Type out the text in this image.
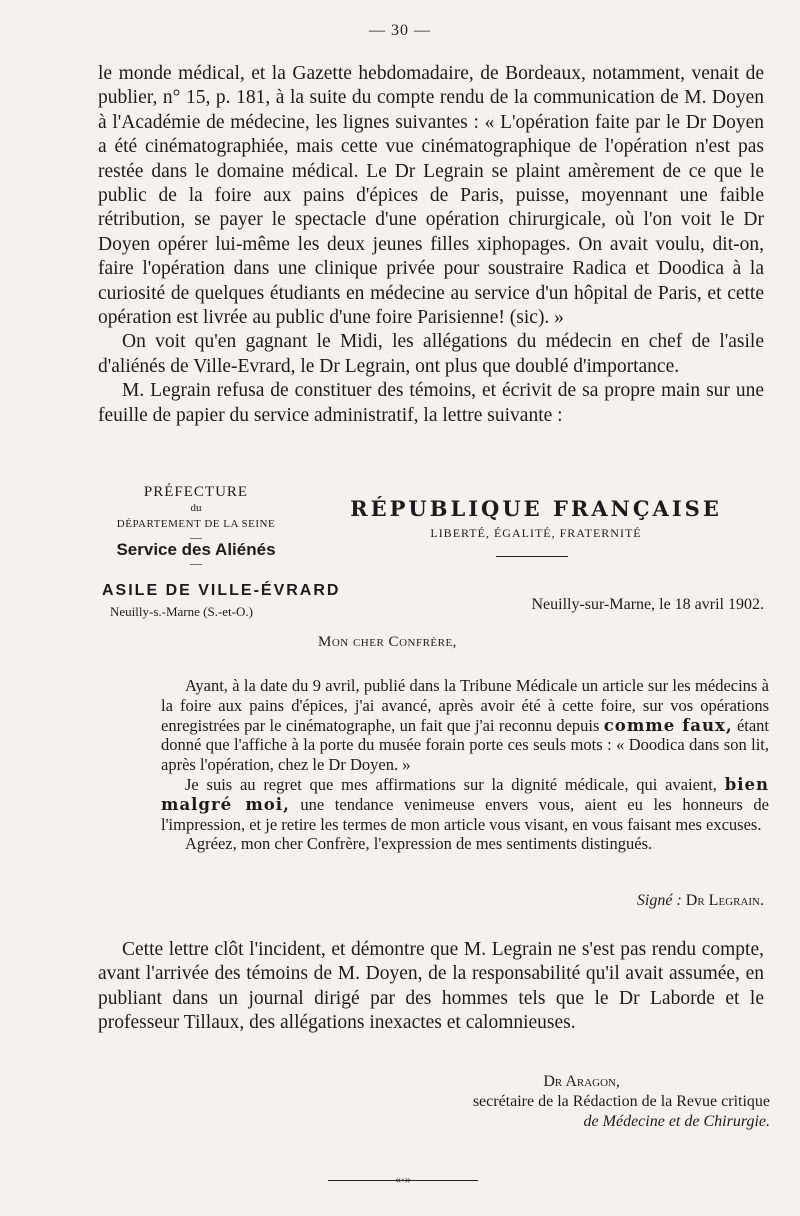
— 30 —

le monde médical, et la Gazette hebdomadaire, de Bordeaux, notamment, venait de publier, n° 15, p. 181, à la suite du compte rendu de la communication de M. Doyen à l'Académie de médecine, les lignes suivantes : « L'opération faite par le Dr Doyen a été cinématographiée, mais cette vue cinématographique de l'opération n'est pas restée dans le domaine médical. Le Dr Legrain se plaint amèrement de ce que le public de la foire aux pains d'épices de Paris, puisse, moyennant une faible rétribution, se payer le spectacle d'une opération chirurgicale, où l'on voit le Dr Doyen opérer lui-même les deux jeunes filles xiphopages. On avait voulu, dit-on, faire l'opération dans une clinique privée pour soustraire Radica et Doodica à la curiosité de quelques étudiants en médecine au service d'un hôpital de Paris, et cette opération est livrée au public d'une foire Parisienne! (sic). »

On voit qu'en gagnant le Midi, les allégations du médecin en chef de l'asile d'aliénés de Ville-Evrard, le Dr Legrain, ont plus que doublé d'importance.

M. Legrain refusa de constituer des témoins, et écrivit de sa propre main sur une feuille de papier du service administratif, la lettre suivante :

PRÉFECTURE
du
DÉPARTEMENT DE LA SEINE
—
Service des Aliénés
—
ASILE DE VILLE-ÉVRARD
Neuilly-s.-Marne (S.-et-O.)
RÉPUBLIQUE FRANÇAISE
LIBERTÉ, ÉGALITÉ, FRATERNITÉ
Neuilly-sur-Marne, le 18 avril 1902.
Mon cher Confrère,

Ayant, à la date du 9 avril, publié dans la Tribune Médicale un article sur les médecins à la foire aux pains d'épices, j'ai avancé, après avoir été à cette foire, sur vos opérations enregistrées par le cinématographe, un fait que j'ai reconnu depuis comme faux, étant donné que l'affiche à la porte du musée forain porte ces seuls mots : « Doodica dans son lit, après l'opération, chez le Dr Doyen. »

Je suis au regret que mes affirmations sur la dignité médicale, qui avaient, bien malgré moi, une tendance venimeuse envers vous, aient eu les honneurs de l'impression, et je retire les termes de mon article vous visant, en vous faisant mes excuses.

Agréez, mon cher Confrère, l'expression de mes sentiments distingués.

Signé : Dr Legrain.

Cette lettre clôt l'incident, et démontre que M. Legrain ne s'est pas rendu compte, avant l'arrivée des témoins de M. Doyen, de la responsabilité qu'il avait assumée, en publiant dans un journal dirigé par des hommes tels que le Dr Laborde et le professeur Tillaux, des allégations inexactes et calomnieuses.

Dr Aragon,
secrétaire de la Rédaction de la Revue critique
de Médecine et de Chirurgie.
«·»
